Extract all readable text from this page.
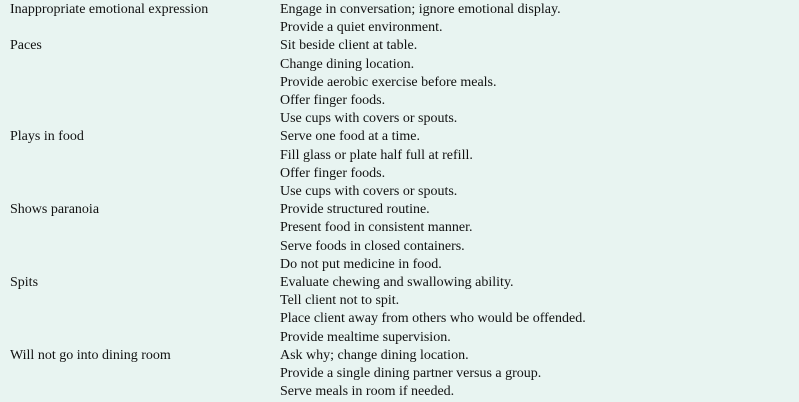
Inappropriate emotional expression	Engage in conversation; ignore emotional display.
Provide a quiet environment.
Paces	Sit beside client at table.
Change dining location.
Provide aerobic exercise before meals.
Offer finger foods.
Use cups with covers or spouts.
Plays in food	Serve one food at a time.
Fill glass or plate half full at refill.
Offer finger foods.
Use cups with covers or spouts.
Shows paranoia	Provide structured routine.
Present food in consistent manner.
Serve foods in closed containers.
Do not put medicine in food.
Spits	Evaluate chewing and swallowing ability.
Tell client not to spit.
Place client away from others who would be offended.
Provide mealtime supervision.
Will not go into dining room	Ask why; change dining location.
Provide a single dining partner versus a group.
Serve meals in room if needed.
